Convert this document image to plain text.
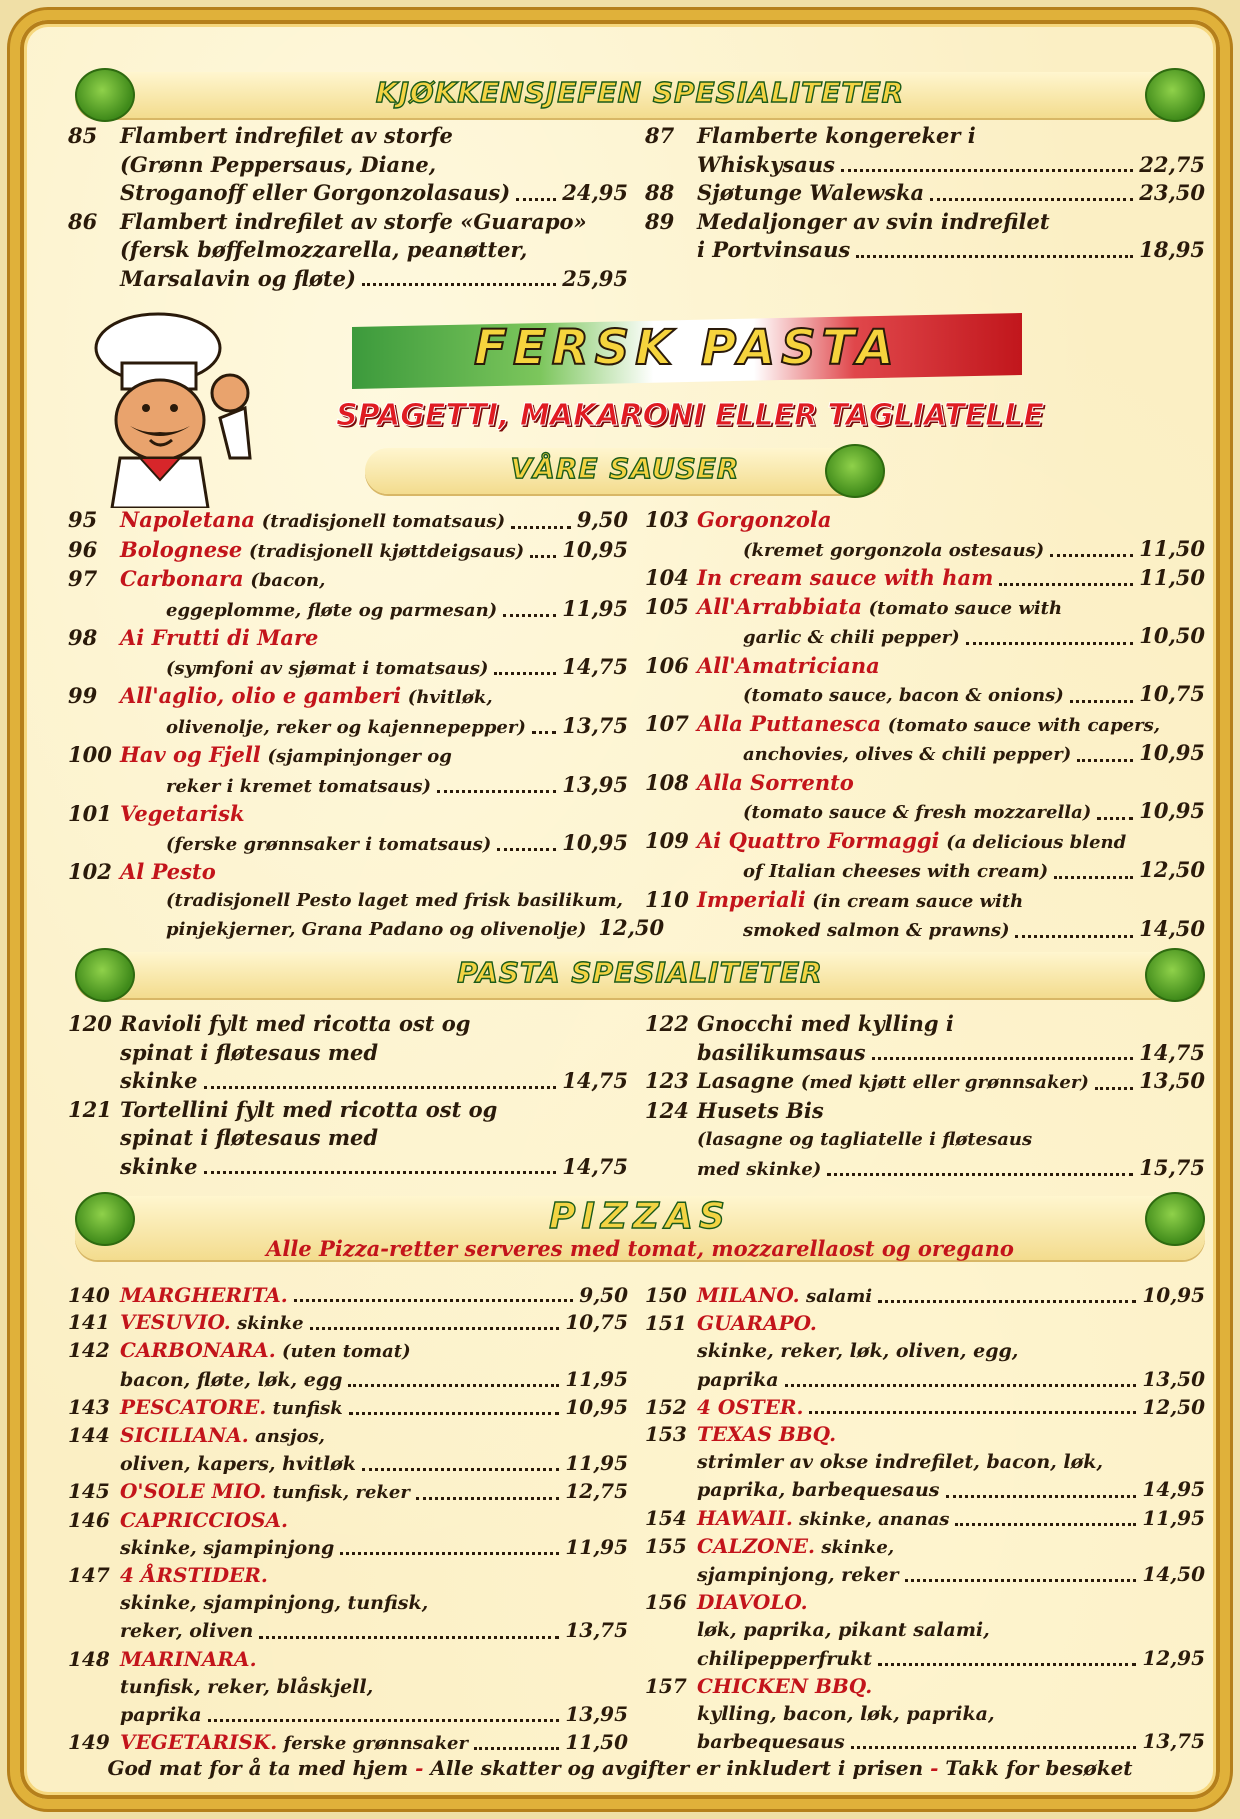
KJØKKENSJEFEN SPESIALITETER
85	Flambert indrefilet av storfe
(Grønn Peppersaus, Diane,
Stroganoff eller Gorgonzolasaus) 24,95
86	Flambert indrefilet av storfe «Guarapo»
(fersk bøffelmozzarella, peanøtter,
Marsalavin og fløte)	25,95
87	Flamberte kongereker i
Whiskysaus	22,75
88	Sjøtunge Walewska	23,50
89	Medaljonger av svin indrefilet
i Portvinsaus	18,95
FERSK PASTA
SPAGETTI, MAKARONI ELLER TAGLIATELLE
VÅRE SAUSER
95	Napoletana (tradisjonell tomatsaus)	9,50
96	Bolognese (tradisjonell kjøttdeigsaus) 10,95
97	Carbonara (bacon,
eggeplomme, fløte og parmesan)	11,95
98	Ai Frutti di Mare
(symfoni av sjømat i tomatsaus)	14,75
99	All'aglio, olio e gamberi (hvitløk,
olivenolje, reker og kajennepepper) 13,75
100 Hav og Fjell (sjampinjonger og
reker i kremet tomatsaus)	13,95
101 Vegetarisk
(ferske grønnsaker i tomatsaus)	10,95
102 Al Pesto
(tradisjonell Pesto laget med frisk basilikum,
pinjekjerner, Grana Padano og olivenolje) 12,50
103 Gorgonzola
(kremet gorgonzola ostesaus)	11,50
104 In cream sauce with ham	11,50
105 All'Arrabbiata (tomato sauce with
garlic & chili pepper)	10,50
106 All'Amatriciana
(tomato sauce, bacon & onions)	10,75
107 Alla Puttanesca (tomato sauce with capers,
anchovies, olives & chili pepper)	10,95
108 Alla Sorrento
(tomato sauce & fresh mozzarella) 10,95
109 Ai Quattro Formaggi (a delicious blend
of Italian cheeses with cream)	12,50
110 Imperiali (in cream sauce with
smoked salmon & prawns)	14,50
PASTA SPESIALITETER
120 Ravioli fylt med ricotta ost og
spinat i fløtesaus med
skinke	14,75
121 Tortellini fylt med ricotta ost og
spinat i fløtesaus med
skinke	14,75
122 Gnocchi med kylling i
basilikumsaus	14,75
123 Lasagne (med kjøtt eller grønnsaker) 13,50
124 Husets Bis
(lasagne og tagliatelle i fløtesaus
med skinke)	15,75
PIZZAS
Alle Pizza-retter serveres med tomat, mozzarellaost og oregano
140 MARGHERITA.	9,50
141 VESUVIO. skinke	10,75
142 CARBONARA. (uten tomat)
bacon, fløte, løk, egg	11,95
143 PESCATORE. tunfisk	10,95
144 SICILIANA. ansjos,
oliven, kapers, hvitløk	11,95
145 O'SOLE MIO. tunfisk, reker	12,75
146 CAPRICCIOSA.
skinke, sjampinjong	11,95
147 4 ÅRSTIDER.
skinke, sjampinjong, tunfisk,
reker, oliven	13,75
148 MARINARA.
tunfisk, reker, blåskjell,
paprika	13,95
149 VEGETARISK. ferske grønnsaker	11,50
150 MILANO. salami	10,95
151 GUARAPO.
skinke, reker, løk, oliven, egg,
paprika	13,50
152 4 OSTER.	12,50
153 TEXAS BBQ.
strimler av okse indrefilet, bacon, løk,
paprika, barbequesaus	14,95
154 HAWAII. skinke, ananas	11,95
155 CALZONE. skinke,
sjampinjong, reker	14,50
156 DIAVOLO.
løk, paprika, pikant salami,
chilipepperfrukt	12,95
157 CHICKEN BBQ.
kylling, bacon, løk, paprika,
barbequesaus	13,75
God mat for å ta med hjem - Alle skatter og avgifter er inkludert i prisen - Takk for besøket
